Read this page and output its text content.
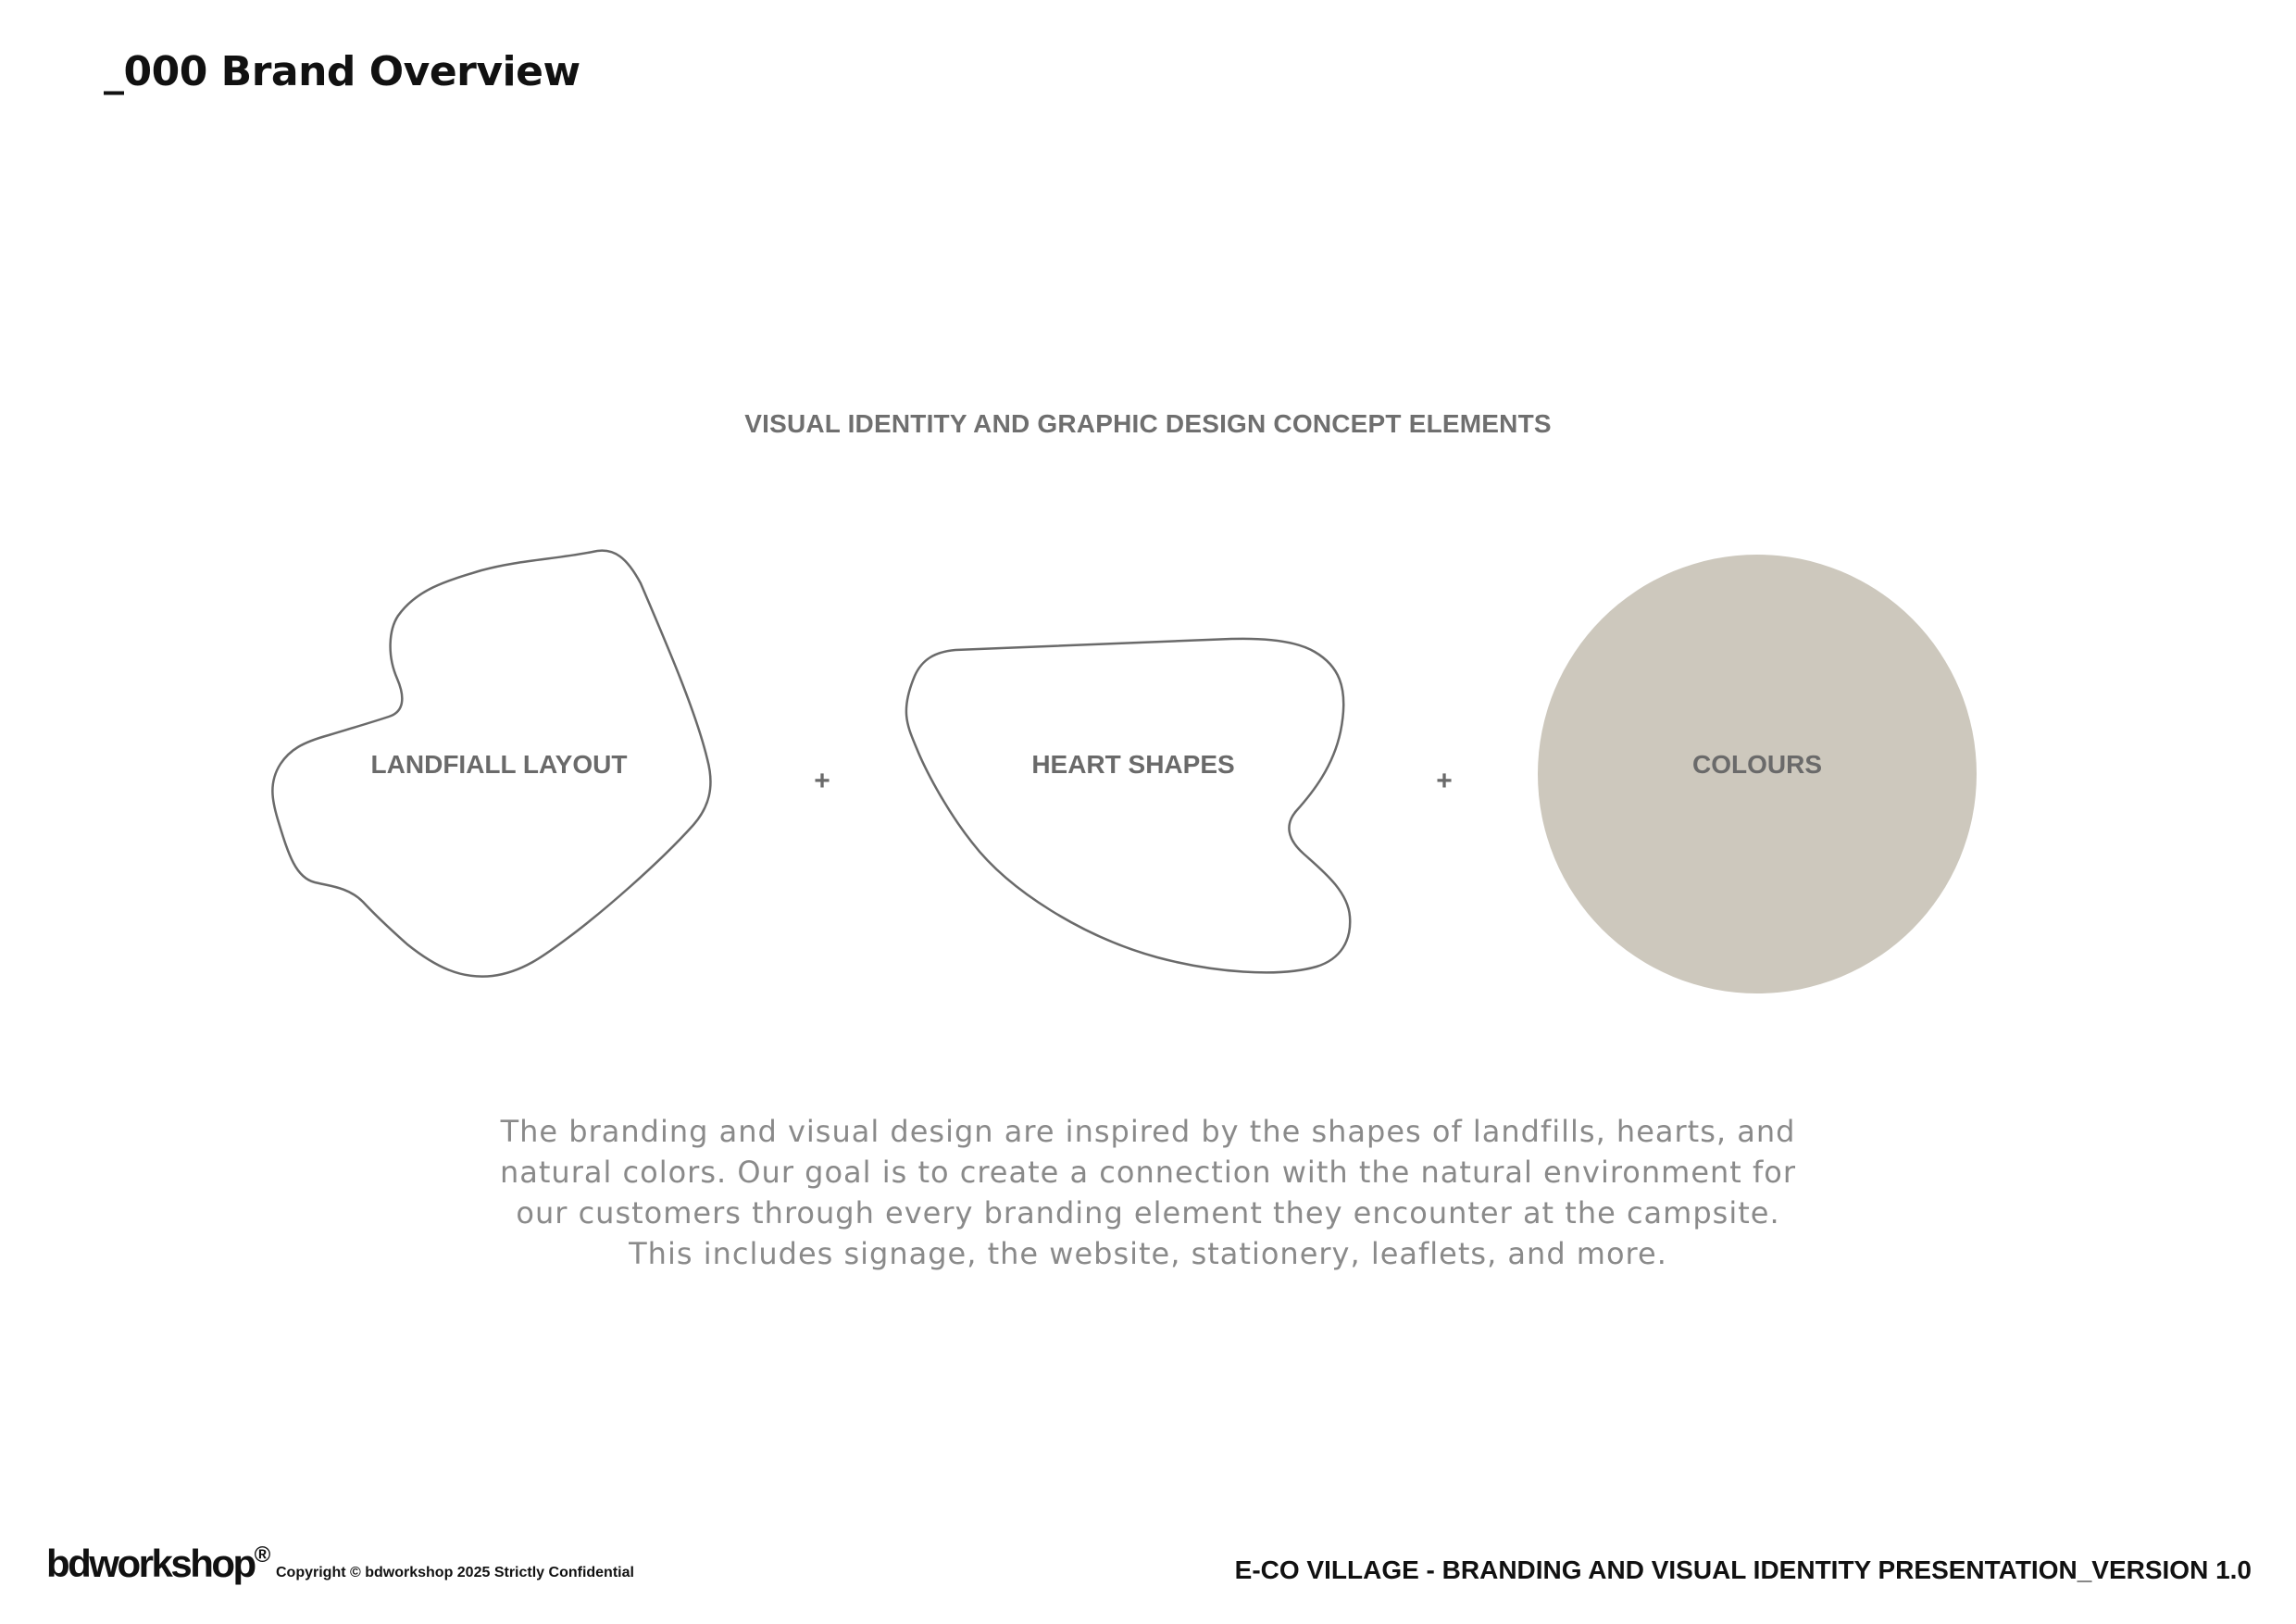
_000 Brand Overview
VISUAL IDENTITY AND GRAPHIC DESIGN CONCEPT ELEMENTS
LANDFIALL LAYOUT
+
HEART SHAPES
+
COLOURS

The branding and visual design are inspired by the shapes of landfills, hearts, and

natural colors. Our goal is to create a connection with the natural environment for

our customers through every branding element they encounter at the campsite.

This includes signage, the website, stationery, leaflets, and more.

bdworkshop®
Copyright © bdworkshop 2025 Strictly Confidential	E-CO VILLAGE - BRANDING AND VISUAL IDENTITY PRESENTATION_VERSION 1.0
